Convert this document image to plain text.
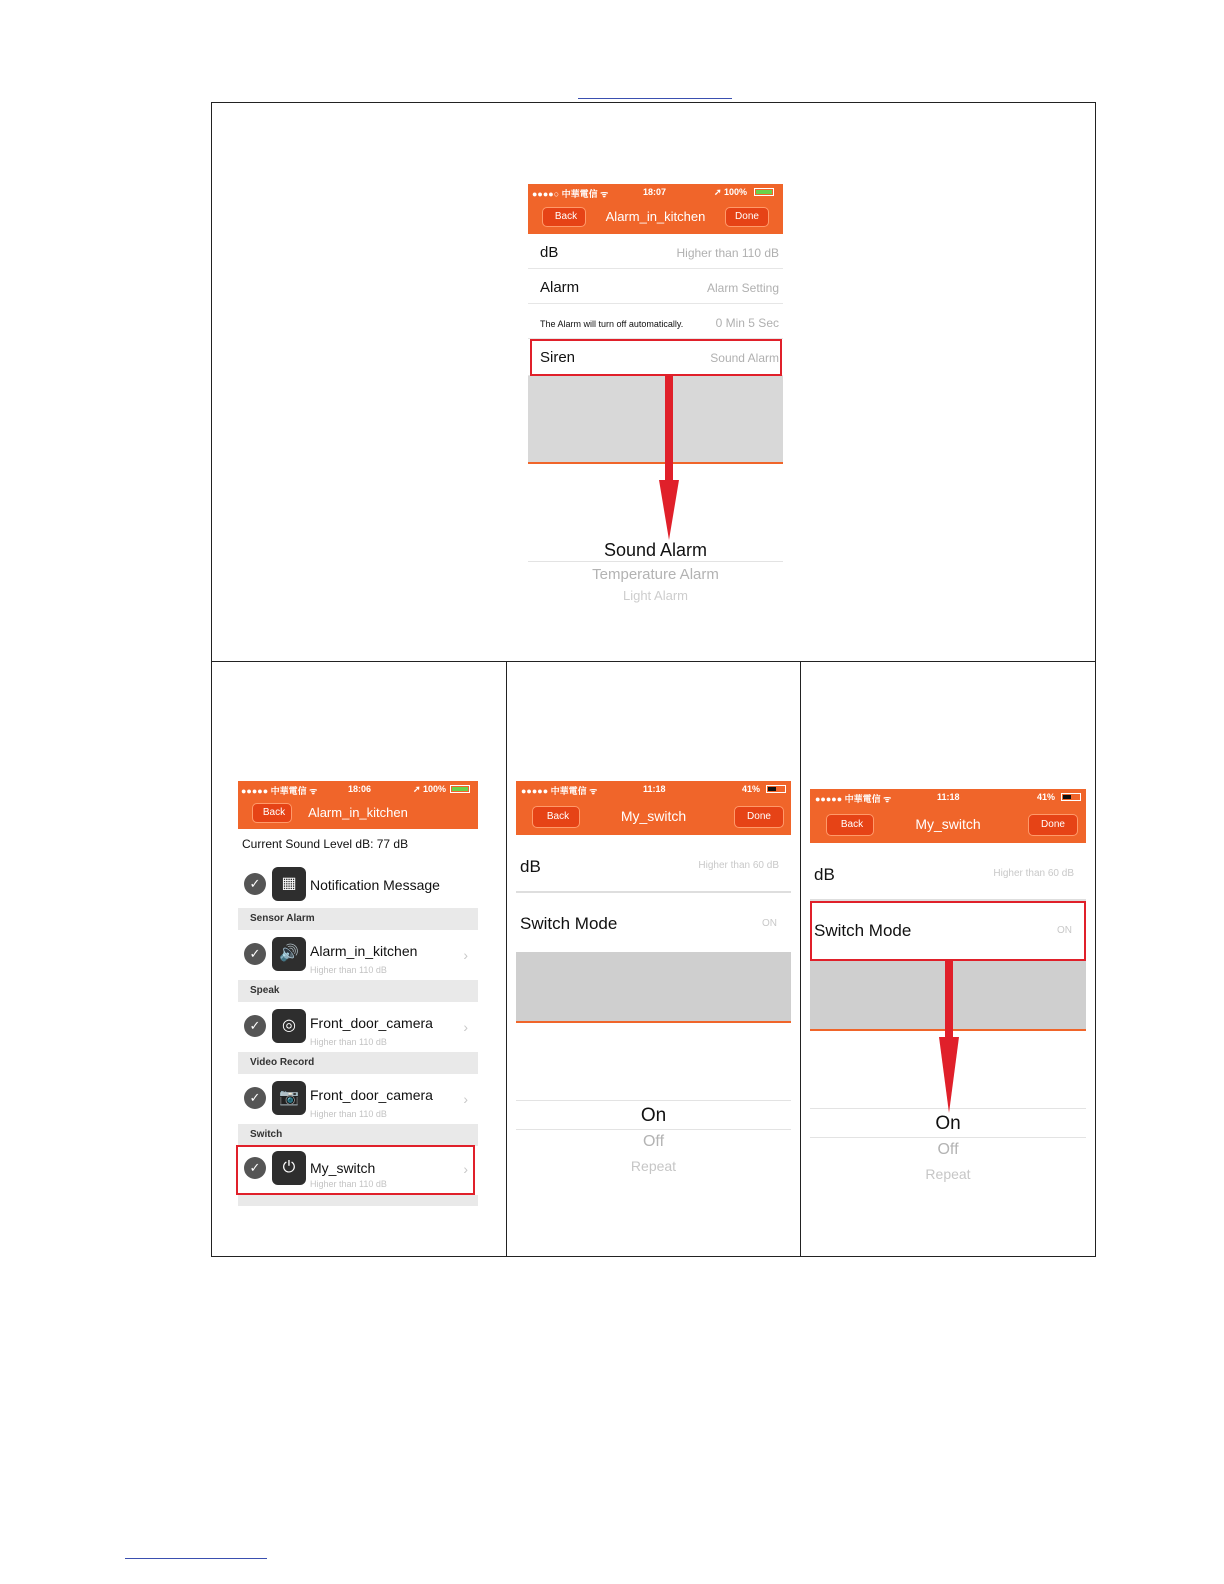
●●●●○ 中華電信 ᯤ	18:07	➚ 100%
Alarm_in_kitchen
Back	Done
dB	Higher than 110 dB
Alarm	Alarm Setting
The Alarm will turn off automatically.	0 Min 5 Sec
Siren	Sound Alarm
Sound Alarm
Temperature Alarm
Light Alarm
●●●●● 中華電信 ᯤ	18:06	➚ 100%
Alarm_in_kitchen
Back
Current Sound Level dB: 77 dB
✓	▦ Notification Message
Sensor Alarm
✓	🔊 Alarm_in_kitchen
Higher than 110 dB
›
Speak
✓	◎	Front_door_camera
Higher than 110 dB
›
Video Record
✓	📷 Front_door_camera
Higher than 110 dB
›
Switch
✓	⏻	My_switch
Higher than 110 dB
›
●●●●● 中華電信 ᯤ	11:18	41%
My_switch
Back	Done
dB	Higher than 60 dB
Switch Mode	ON
On
Off
Repeat
●●●●● 中華電信 ᯤ	11:18	41%
My_switch
Back	Done
dB	Higher than 60 dB
Switch Mode	ON
On
Off
Repeat
